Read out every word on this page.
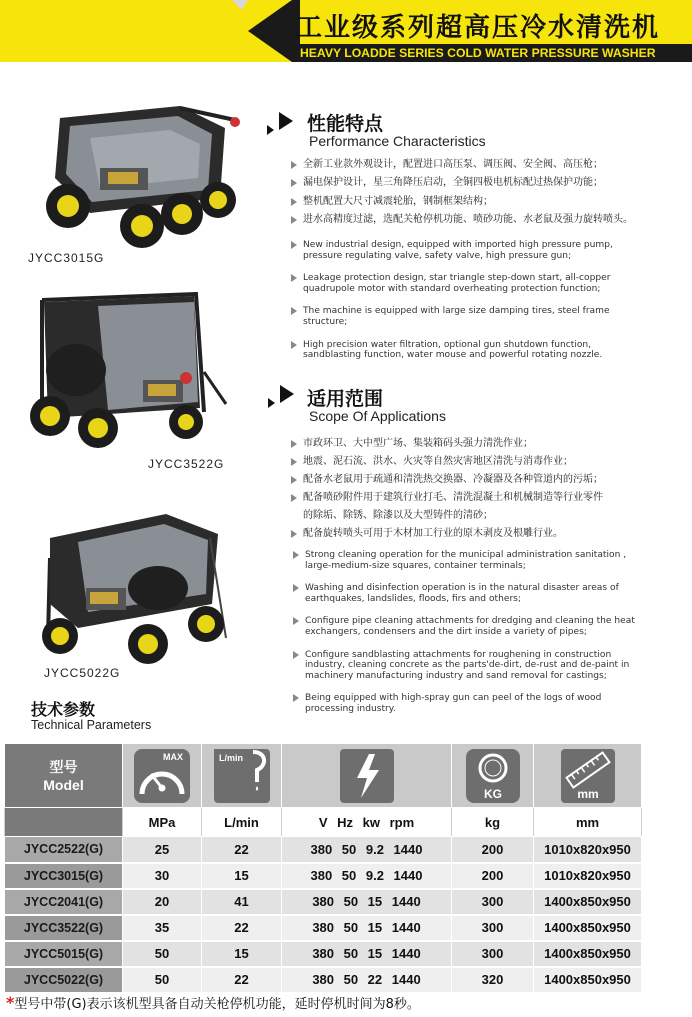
工业级系列超高压冷水清洗机
HEAVY LOADDE SERIES COLD WATER PRESSURE WASHER
JYCC3015G
JYCC3522G
JYCC5022G
性能特点
Performance Characteristics
全新工业款外观设计，配置进口高压泵、调压阀、安全阀、高压枪；
漏电保护设计，星三角降压启动，全铜四极电机标配过热保护功能；
整机配置大尺寸减震轮胎，钢制框架结构；
进水高精度过滤，选配关枪停机功能、喷砂功能、水老鼠及强力旋转喷头。
New industrial design, equipped with imported high pressure pump, pressure regulating valve, safety valve, high pressure gun;
Leakage protection design, star triangle step-down start, all-copper quadrupole motor with standard overheating protection function;
The machine is equipped with large size damping tires, steel frame structure;
High precision water filtration, optional gun shutdown function, sandblasting function, water mouse and powerful rotating nozzle.
适用范围
Scope Of Applications
市政环卫、大中型广场、集装箱码头强力清洗作业；
地震、泥石流、洪水、火灾等自然灾害地区清洗与消毒作业；
配备水老鼠用于疏通和清洗热交换器、冷凝器及各种管道内的污垢；
配备喷砂附件用于建筑行业打毛、清洗混凝土和机械制造等行业零件
的除垢、除锈、除漆以及大型铸件的清砂；
配备旋转喷头可用于木材加工行业的原木剥皮及根雕行业。
Strong cleaning operation for the municipal administration sanitation , large-medium-size squares, container terminals;
Washing and disinfection operation is in the natural disaster areas of earthquakes, landslides, floods, firs and others;
Configure pipe cleaning attachments for dredging and cleaning the heat exchangers, condensers and the dirt inside a variety of pipes;
Configure sandblasting attachments for roughening in construction industry, cleaning concrete as the parts'de-dirt, de-rust and de-paint in machinery manufacturing industry and sand removal for castings;
Being equipped with high-spray gun can peel of the logs of wood processing industry.
技术参数
Technical Parameters
型号
Model	MAX	L/min		KG	mm

	MPa	L/min	V Hz kw rpm	kg	mm
JYCC2522(G)	25	22	380 50 9.2 1440	200	1010x820x950
JYCC3015(G)	30	15	380 50 9.2 1440	200	1010x820x950
JYCC2041(G)	20	41	380 50 15 1440	300	1400x850x950
JYCC3522(G)	35	22	380 50 15 1440	300	1400x850x950
JYCC5015(G)	50	15	380 50 15 1440	300	1400x850x950
JYCC5022(G)	50	22	380 50 22 1440	320	1400x850x950
*型号中带(G)表示该机型具备自动关枪停机功能，延时停机时间为8秒。
